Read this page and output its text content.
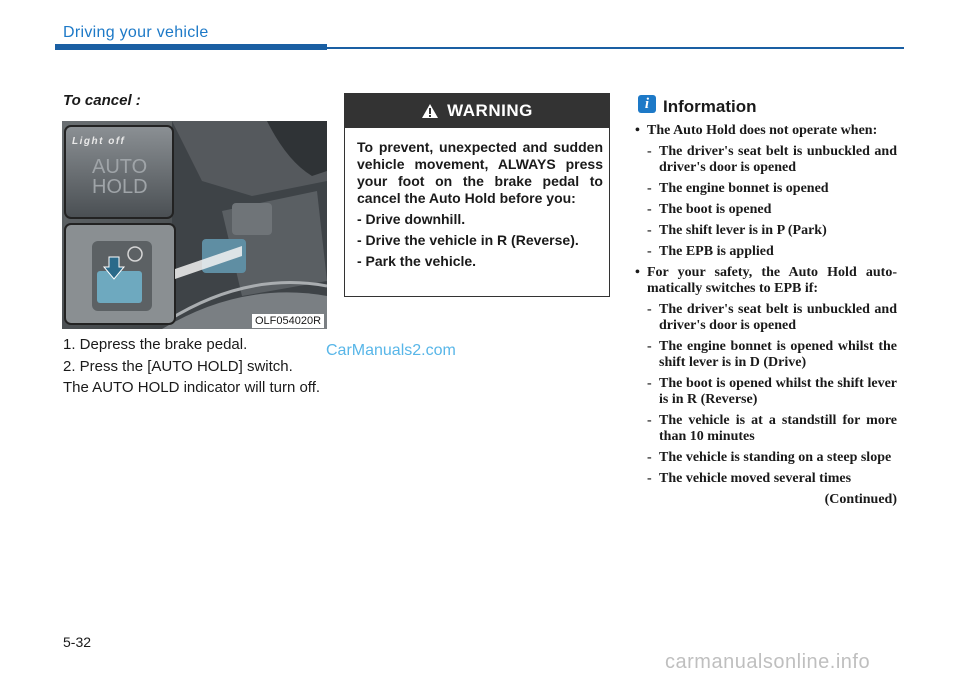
Driving your vehicle
To cancel :
Light off
AUTO
HOLD
OLF054020R
1. Depress the brake pedal.
2. Press the [AUTO HOLD] switch.
The AUTO HOLD indicator will turn off.
CarManuals2.com
WARNING

To prevent, unexpected and sudden vehicle movement, ALWAYS press your foot on the brake pedal to cancel the Auto Hold before you:

- Drive downhill.

- Drive the vehicle in R (Reverse).

- Park the vehicle.

i Information
• The Auto Hold does not operate when:
- The driver's seat belt is unbuckled and driver's door is opened
- The engine bonnet is opened
- The boot is opened
- The shift lever is in P (Park)
- The EPB is applied
• For your safety, the Auto Hold auto-matically switches to EPB if:
- The driver's seat belt is unbuckled and driver's door is opened
- The engine bonnet is opened whilst the shift lever is in D (Drive)
- The boot is opened whilst the shift lever is in R (Reverse)
- The vehicle is at a standstill for more than 10 minutes
- The vehicle is standing on a steep slope
- The vehicle moved several times
(Continued)
5-32
carmanualsonline.info
